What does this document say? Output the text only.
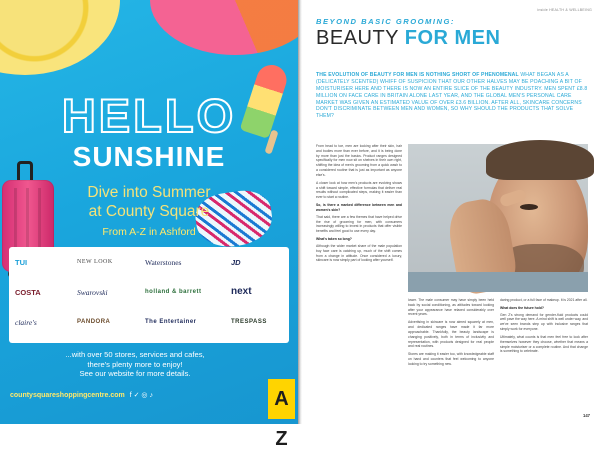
HELLO
SUNSHINE
Dive into Summer
at County Square
From A-Z in Ashford
TUI	NEW LOOK	Waterstones	JD
COSTA	Swarovski	holland & barrett	next
claire's	PANDORA	The Entertainer	TRESPASS
...with over 50 stores, services and cafes,
there's plenty more to enjoy!
See our website for more details.
countysquareshoppingcentre.com f ✓ ◎ ♪	A Z
inside HEALTH & WELLBEING
BEYOND BASIC GROOMING:
BEAUTY FOR MEN
THE EVOLUTION OF BEAUTY FOR MEN IS NOTHING SHORT OF PHENOMENAL WHAT BEGAN AS A (DELICATELY SCENTED) WHIFF OF SUSPICION THAT OUR OTHER HALVES MAY BE POACHING A BIT OF MOISTURISER HERE AND THERE IS NOW AN ENTIRE SLICE OF THE BEAUTY INDUSTRY. MEN SPENT £8.8 MILLION ON FACE CARE IN BRITAIN ALONE LAST YEAR, AND THE GLOBAL MEN'S PERSONAL CARE MARKET WAS GIVEN AN ESTIMATED VALUE OF OVER £3.6 BILLION. AFTER ALL, SKINCARE CONCERNS DON'T DISCRIMINATE BETWEEN MEN AND WOMEN, SO WHY SHOULD THE PRODUCTS THAT SOLVE THEM?

From head to toe, men are looking after their skin, hair and bodies more than ever before, and it is being done by more than just the basics. Product ranges designed specifically for men now sit on shelves in their own right, shifting the idea of men's grooming from a quick wash to a considered routine that is just as important as anyone else's.

A closer look at how men's products are evolving shows a shift toward simple, effective formulas that deliver real results without complicated steps, making it easier than ever to start a routine.

So, is there a marked difference between men and women's skin?

That said, there are a few themes that have helped drive the rise of grooming for men, with consumers increasingly willing to invest in products that offer visible benefits and feel good to use every day.

What's taken so long?

Although the wider market share of the male population buy face care is catching up, much of the shift comes from a change in attitude. Once considered a luxury, skincare is now simply part of looking after yourself.

lower. The male consumer may have simply been held back by social conditioning, as attitudes toward looking after your appearance have relaxed considerably over recent years.

Advertising in skincare is now aimed squarely at men, and dedicated ranges have made it far more approachable. Thankfully, the beauty landscape is changing positively, both in terms of inclusivity and representation, with products designed for real people and real routines.

Stores are making it easier too, with knowledgeable staff on hand and counters that feel welcoming to anyone looking to try something new.

daring product, or a full face of makeup. It is 2021 after all.

What does the future hold?

Gen Z's strong demand for gender-fluid products could well pave the way here. A mind shift is well under way, and we've seen brands step up with inclusive ranges that simply work for everyone.

Ultimately, what counts is that men feel free to look after themselves however they choose, whether that means a simple moisturiser or a complete routine. And that change is something to celebrate.

147
